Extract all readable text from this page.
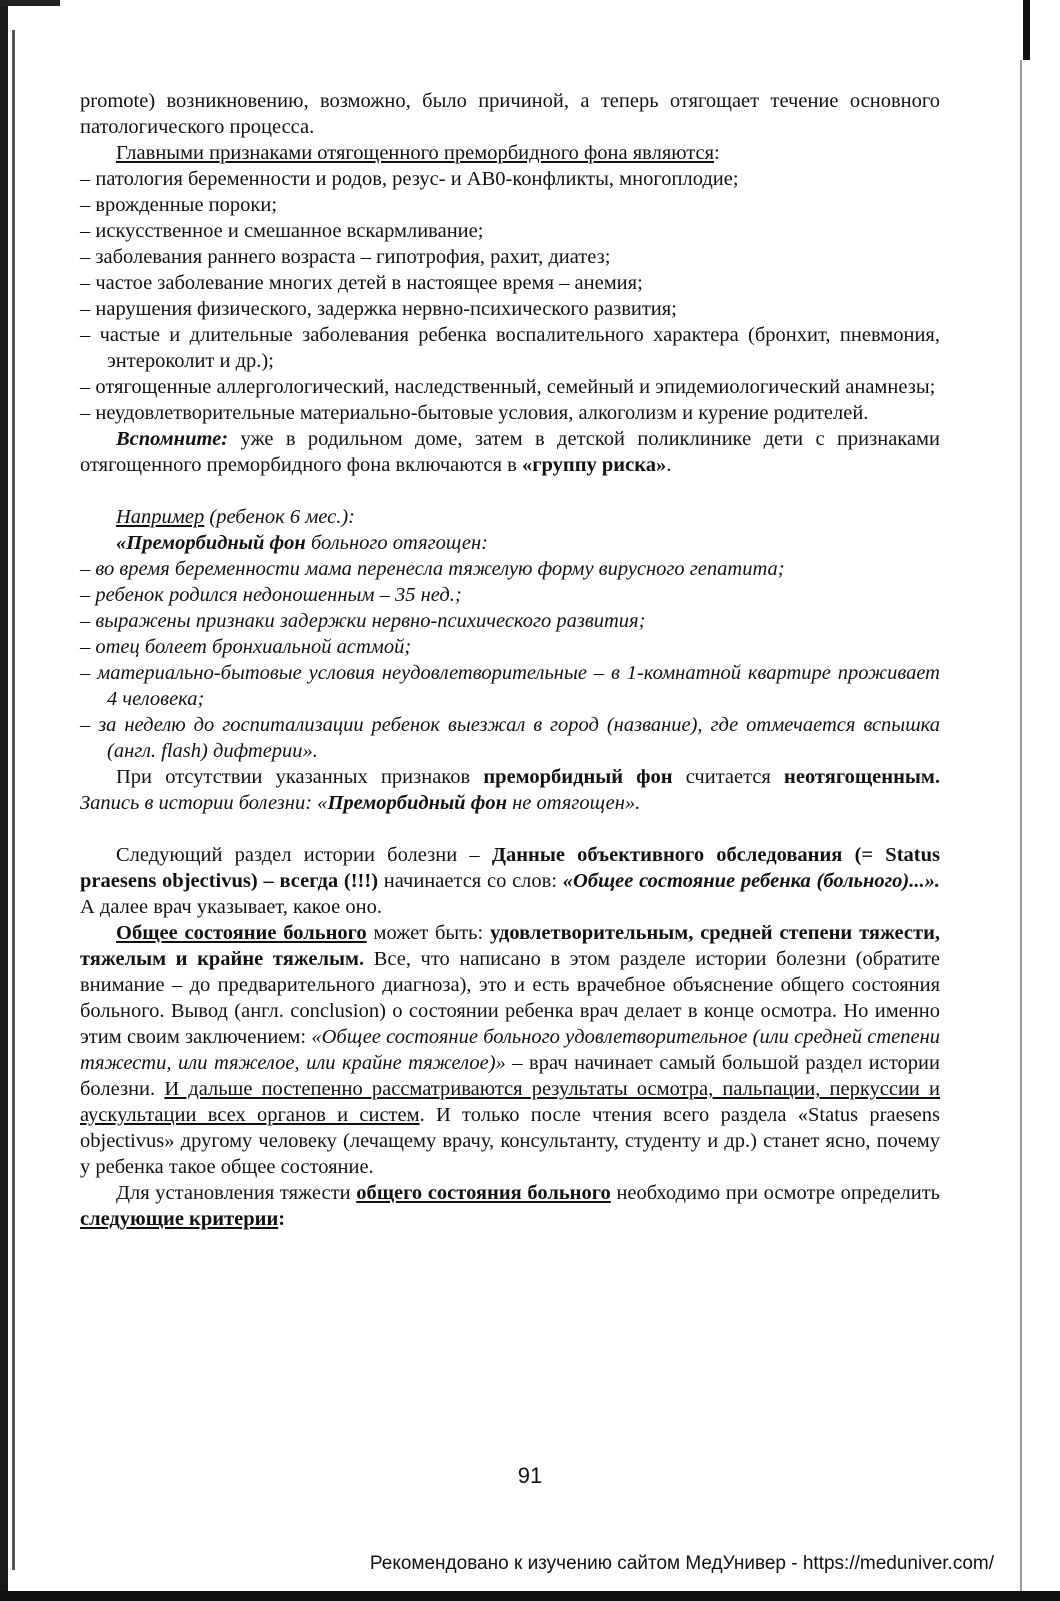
promote) возникновению, возможно, было причиной, а теперь отягощает течение основного патологического процесса.

Главными признаками отягощенного преморбидного фона являются:

– патология беременности и родов, резус- и АВ0-конфликты, многоплодие;

– врожденные пороки;

– искусственное и смешанное вскармливание;

– заболевания раннего возраста – гипотрофия, рахит, диатез;

– частое заболевание многих детей в настоящее время – анемия;

– нарушения физического, задержка нервно-психического развития;

– частые и длительные заболевания ребенка воспалительного характера (бронхит, пневмония, энтероколит и др.);

– отягощенные аллергологический, наследственный, семейный и эпидемиологический анамнезы;

– неудовлетворительные материально-бытовые условия, алкоголизм и курение родителей.

Вспомните: уже в родильном доме, затем в детской поликлинике дети с признаками отягощенного преморбидного фона включаются в «группу риска».

Например (ребенок 6 мес.):

«Преморбидный фон больного отягощен:

– во время беременности мама перенесла тяжелую форму вирусного гепатита;

– ребенок родился недоношенным – 35 нед.;

– выражены признаки задержки нервно-психического развития;

– отец болеет бронхиальной астмой;

– материально-бытовые условия неудовлетворительные – в 1-комнатной квартире проживает 4 человека;

– за неделю до госпитализации ребенок выезжал в город (название), где отмечается вспышка (англ. flash) дифтерии».

При отсутствии указанных признаков преморбидный фон считается неотягощенным. Запись в истории болезни: «Преморбидный фон не отягощен».

Следующий раздел истории болезни – Данные объективного обследования (= Status praesens objectivus) – всегда (!!!) начинается со слов: «Общее состояние ребенка (больного)...». А далее врач указывает, какое оно.

Общее состояние больного может быть: удовлетворительным, средней степени тяжести, тяжелым и крайне тяжелым. Все, что написано в этом разделе истории болезни (обратите внимание – до предварительного диагноза), это и есть врачебное объяснение общего состояния больного. Вывод (англ. conclusion) о состоянии ребенка врач делает в конце осмотра. Но именно этим своим заключением: «Общее состояние больного удовлетворительное (или средней степени тяжести, или тяжелое, или крайне тяжелое)» – врач начинает самый большой раздел истории болезни. И дальше постепенно рассматриваются результаты осмотра, пальпации, перкуссии и аускультации всех органов и систем. И только после чтения всего раздела «Status praesens objectivus» другому человеку (лечащему врачу, консультанту, студенту и др.) станет ясно, почему у ребенка такое общее состояние.

Для установления тяжести общего состояния больного необходимо при осмотре определить следующие критерии:

91
Рекомендовано к изучению сайтом МедУнивер - https://meduniver.com/
